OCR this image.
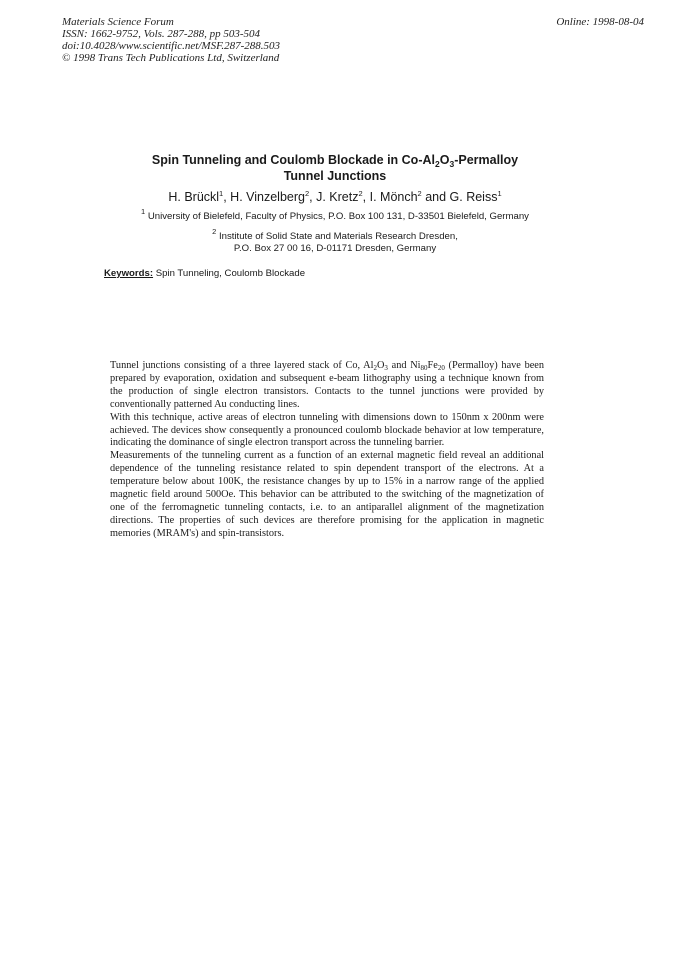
Materials Science Forum
ISSN: 1662-9752, Vols. 287-288, pp 503-504
doi:10.4028/www.scientific.net/MSF.287-288.503
© 1998 Trans Tech Publications Ltd, Switzerland
Online: 1998-08-04
Spin Tunneling and Coulomb Blockade in $Co-Al_2O_3$-Permalloy
Tunnel Junctions
H. Brückl$^1$, H. Vinzelberg$^2$, J. Kretz$^2$, I. Mönch$^2$ and G. Reiss$^1$
$^1$ University of Bielefeld, Faculty of Physics, P.O. Box 100 131, D-33501 Bielefeld, Germany
$^2$ Institute of Solid State and Materials Research Dresden,
P.O. Box 27 00 16, D-01171 Dresden, Germany
Keywords: Spin Tunneling, Coulomb Blockade

Tunnel junctions consisting of a three layered stack of Co, $Al_2O_3$ and $Ni_{80}Fe_{20}$ (Permalloy) have been prepared by evaporation, oxidation and subsequent e-beam lithography using a technique known from the production of single electron transistors. Contacts to the tunnel junctions were provided by conventionally patterned Au conducting lines.

With this technique, active areas of electron tunneling with dimensions down to 150nm x 200nm were achieved. The devices show consequently a pronounced coulomb blockade behavior at low temperature, indicating the dominance of single electron transport across the tunneling barrier.

Measurements of the tunneling current as a function of an external magnetic field reveal an additional dependence of the tunneling resistance related to spin dependent transport of the electrons. At a temperature below about 100K, the resistance changes by up to 15% in a narrow range of the applied magnetic field around 500Oe. This behavior can be attributed to the switching of the magnetization of one of the ferromagnetic tunneling contacts, i.e. to an antiparallel alignment of the magnetization directions. The properties of such devices are therefore promising for the application in magnetic memories (MRAM's) and spin-transistors.
